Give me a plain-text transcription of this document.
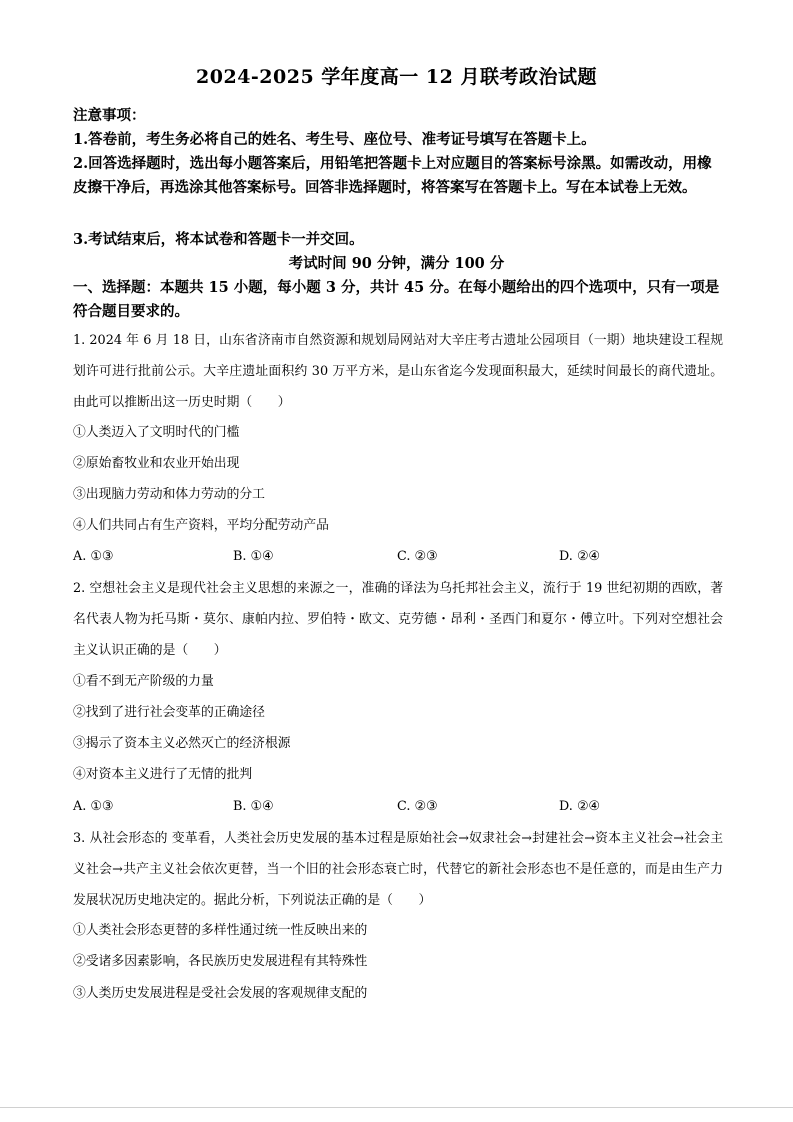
2024-2025 学年度高一 12 月联考政治试题
注意事项：
1.答卷前，考生务必将自己的姓名、考生号、座位号、准考证号填写在答题卡上。
2.回答选择题时，选出每小题答案后，用铅笔把答题卡上对应题目的答案标号涂黑。如需改动，用橡皮擦干净后，再选涂其他答案标号。回答非选择题时，将答案写在答题卡上。写在本试卷上无效。
3.考试结束后，将本试卷和答题卡一并交回。
考试时间 90 分钟，满分 100 分
一、选择题：本题共 15 小题，每小题 3 分，共计 45 分。在每小题给出的四个选项中，只有一项是符合题目要求的。
1. 2024 年 6 月 18 日，山东省济南市自然资源和规划局网站对大辛庄考古遗址公园项目（一期）地块建设工程规划许可进行批前公示。大辛庄遗址面积约 30 万平方米，是山东省迄今发现面积最大，延续时间最长的商代遗址。由此可以推断出这一历史时期（　　）
①人类迈入了文明时代的门槛
②原始畜牧业和农业开始出现
③出现脑力劳动和体力劳动的分工
④人们共同占有生产资料，平均分配劳动产品
A. ①③	B. ①④	C. ②③	D. ②④
2. 空想社会主义是现代社会主义思想的来源之一，准确的译法为乌托邦社会主义，流行于 19 世纪初期的西欧，著名代表人物为托马斯・莫尔、康帕内拉、罗伯特・欧文、克劳德・昂利・圣西门和夏尔・傅立叶。下列对空想社会主义认识正确的是（　　）
①看不到无产阶级的力量
②找到了进行社会变革的正确途径
③揭示了资本主义必然灭亡的经济根源
④对资本主义进行了无情的批判
A. ①③	B. ①④	C. ②③	D. ②④
3. 从社会形态的 变革看，人类社会历史发展的基本过程是原始社会→奴隶社会→封建社会→资本主义社会→社会主义社会→共产主义社会依次更替，当一个旧的社会形态衰亡时，代替它的新社会形态也不是任意的，而是由生产力发展状况历史地决定的。据此分析，下列说法正确的是（　　）
①人类社会形态更替的多样性通过统一性反映出来的
②受诸多因素影响，各民族历史发展进程有其特殊性
③人类历史发展进程是受社会发展的客观规律支配的
